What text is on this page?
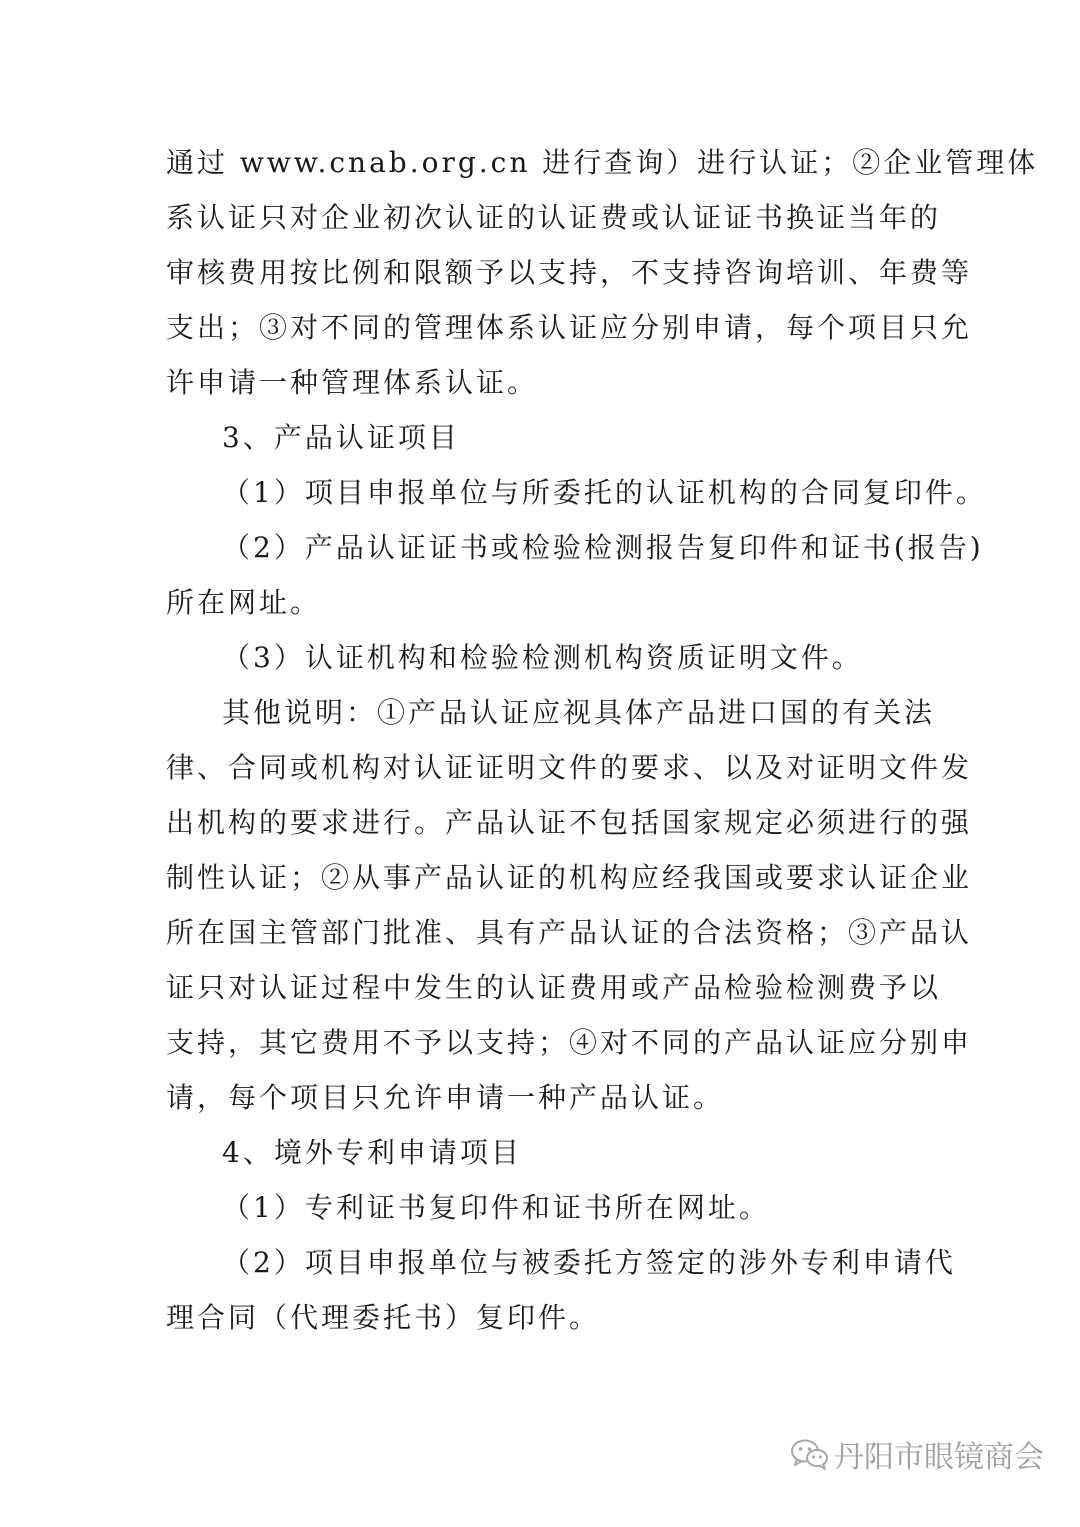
通过 www.cnab.org.cn 进行查询）进行认证；②企业管理体
系认证只对企业初次认证的认证费或认证证书换证当年的
审核费用按比例和限额予以支持，不支持咨询培训、年费等
支出；③对不同的管理体系认证应分别申请，每个项目只允
许申请一种管理体系认证。
3、产品认证项目
（1）项目申报单位与所委托的认证机构的合同复印件。
（2）产品认证证书或检验检测报告复印件和证书(报告)
所在网址。
（3）认证机构和检验检测机构资质证明文件。
其他说明：①产品认证应视具体产品进口国的有关法
律、合同或机构对认证证明文件的要求、以及对证明文件发
出机构的要求进行。产品认证不包括国家规定必须进行的强
制性认证；②从事产品认证的机构应经我国或要求认证企业
所在国主管部门批准、具有产品认证的合法资格；③产品认
证只对认证过程中发生的认证费用或产品检验检测费予以
支持，其它费用不予以支持；④对不同的产品认证应分别申
请，每个项目只允许申请一种产品认证。
4、境外专利申请项目
（1）专利证书复印件和证书所在网址。
（2）项目申报单位与被委托方签定的涉外专利申请代
理合同（代理委托书）复印件。
丹阳市眼镜商会
